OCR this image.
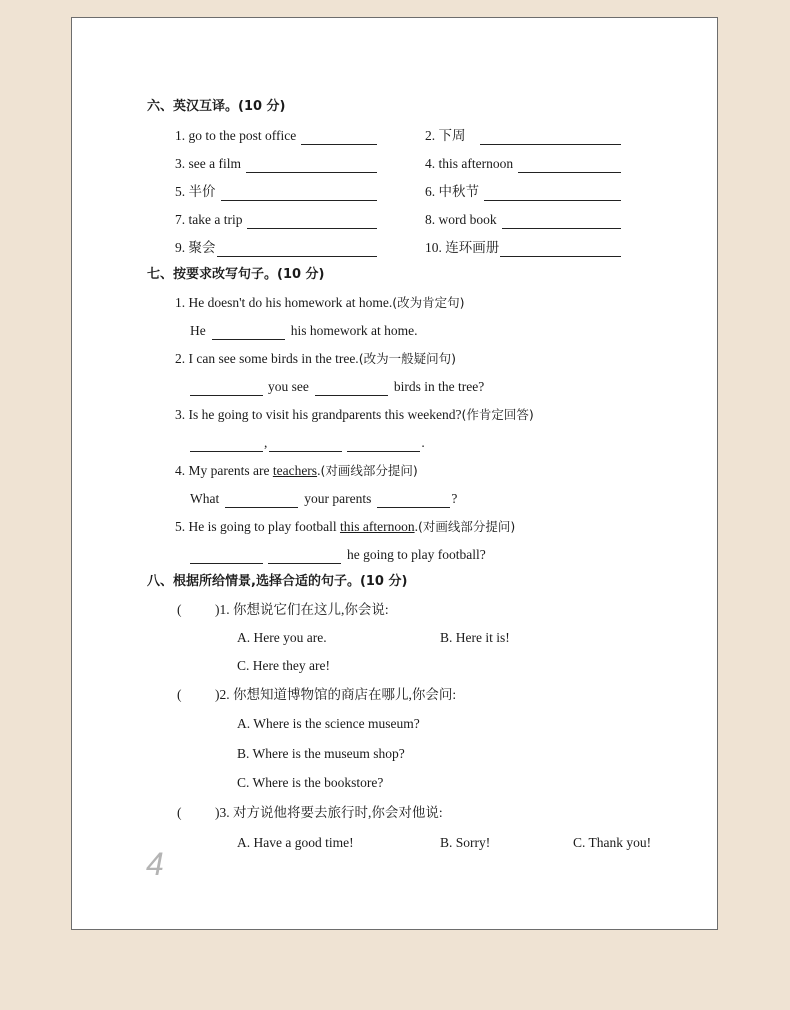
六、英汉互译。(10 分)
1. go to the post office	2. 下周
3. see a film	4. this afternoon
5. 半价	6. 中秋节
7. take a trip	8. word book
9. 聚会	10. 连环画册
七、按要求改写句子。(10 分)
1. He doesn't do his homework at home. (改为肯定句)
He	his homework at home.
2. I can see some birds in the tree. (改为一般疑问句)
you see	birds in the tree?
3. Is he going to visit his grandparents this weekend? (作肯定回答)
,	.
4. My parents are teachers . (对画线部分提问)
What	your parents	?
5. He is going to play football this afternoon . (对画线部分提问)
he going to play football?
八、根据所给情景,选择合适的句子。(10 分)
( )1. 你想说它们在这儿,你会说:
A. Here you are.	B. Here it is!
C. Here they are!
( )2. 你想知道博物馆的商店在哪儿,你会问:
A. Where is the science museum?
B. Where is the museum shop?
C. Where is the bookstore?
( )3. 对方说他将要去旅行时,你会对他说:
A. Have a good time!	B. Sorry!	C. Thank you!
4
